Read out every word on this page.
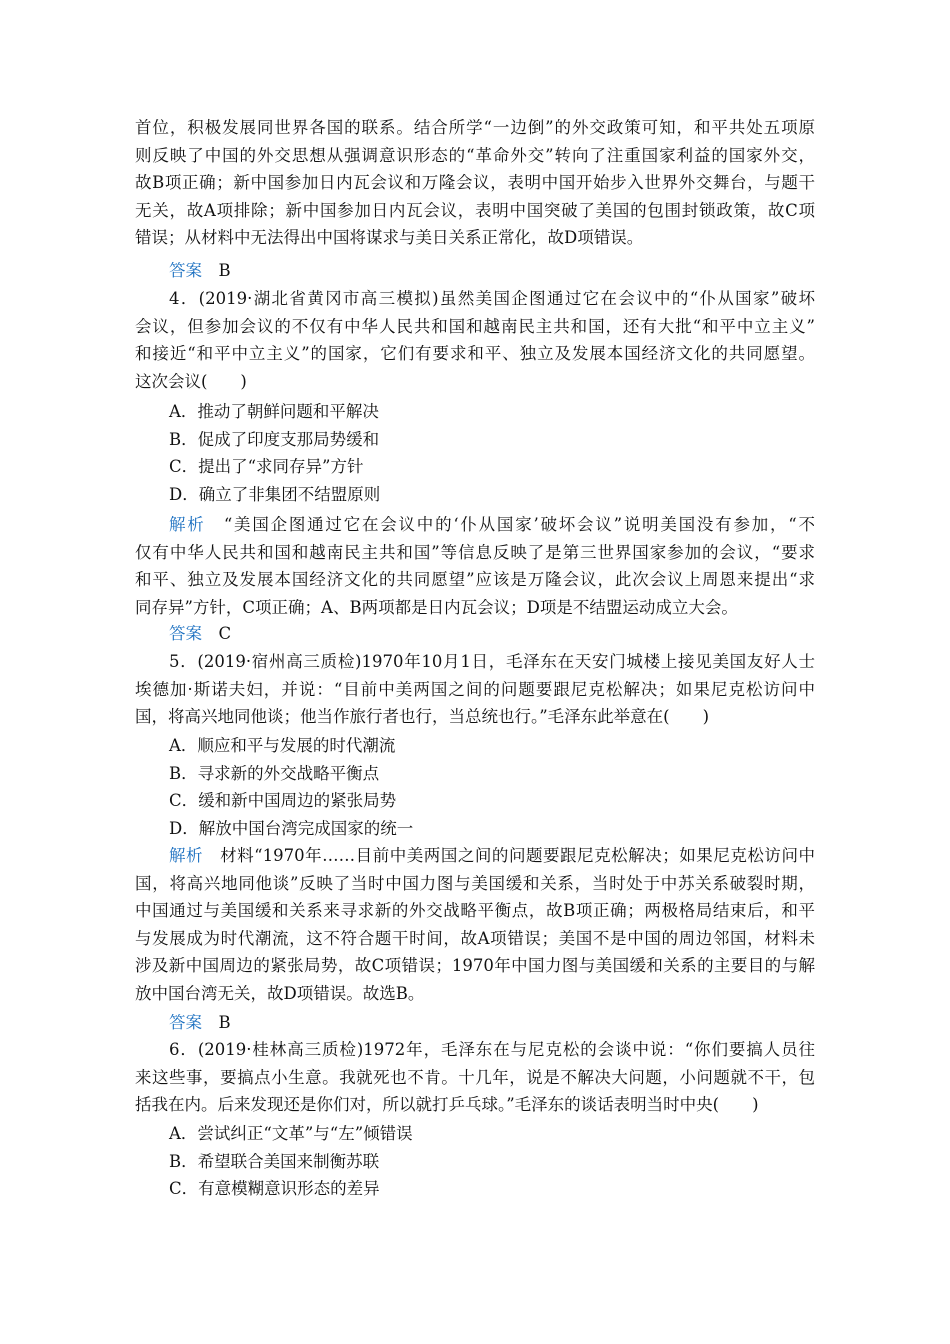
首位，积极发展同世界各国的联系。结合所学“一边倒”的外交政策可知，和平共处五项原
则反映了中国的外交思想从强调意识形态的“革命外交”转向了注重国家利益的国家外交，
故B项正确；新中国参加日内瓦会议和万隆会议，表明中国开始步入世界外交舞台，与题干
无关，故A项排除；新中国参加日内瓦会议，表明中国突破了美国的包围封锁政策，故C项
错误；从材料中无法得出中国将谋求与美日关系正常化，故D项错误。
答案　 B
4．(2019·湖北省黄冈市高三模拟)虽然美国企图通过它在会议中的“仆从国家”破坏
会议，但参加会议的不仅有中华人民共和国和越南民主共和国，还有大批“和平中立主义”
和接近“和平中立主义”的国家，它们有要求和平、独立及发展本国经济文化的共同愿望。
这次会议(　　)
A．推动了朝鲜问题和平解决
B．促成了印度支那局势缓和
C．提出了“求同存异”方针
D．确立了非集团不结盟原则
解析　“美国企图通过它在会议中的‘仆从国家’破坏会议”说明美国没有参加，“不
仅有中华人民共和国和越南民主共和国”等信息反映了是第三世界国家参加的会议，“要求
和平、独立及发展本国经济文化的共同愿望”应该是万隆会议，此次会议上周恩来提出“求
同存异”方针，C项正确；A、B两项都是日内瓦会议；D项是不结盟运动成立大会。
答案　 C
5．(2019·宿州高三质检)1970年10月1日，毛泽东在天安门城楼上接见美国友好人士
埃德加·斯诺夫妇，并说：“目前中美两国之间的问题要跟尼克松解决；如果尼克松访问中
国，将高兴地同他谈；他当作旅行者也行，当总统也行。”毛泽东此举意在(　　)
A．顺应和平与发展的时代潮流
B．寻求新的外交战略平衡点
C．缓和新中国周边的紧张局势
D．解放中国台湾完成国家的统一
解析　材料“1970年……目前中美两国之间的问题要跟尼克松解决；如果尼克松访问中
国，将高兴地同他谈”反映了当时中国力图与美国缓和关系，当时处于中苏关系破裂时期，
中国通过与美国缓和关系来寻求新的外交战略平衡点，故B项正确；两极格局结束后，和平
与发展成为时代潮流，这不符合题干时间，故A项错误；美国不是中国的周边邻国，材料未
涉及新中国周边的紧张局势，故C项错误；1970年中国力图与美国缓和关系的主要目的与解
放中国台湾无关，故D项错误。故选B。
答案　 B
6．(2019·桂林高三质检)1972年，毛泽东在与尼克松的会谈中说：“你们要搞人员往
来这些事，要搞点小生意。我就死也不肯。十几年，说是不解决大问题，小问题就不干，包
括我在内。后来发现还是你们对，所以就打乒乓球。”毛泽东的谈话表明当时中央(　　)
A．尝试纠正“文革”与“左”倾错误
B．希望联合美国来制衡苏联
C．有意模糊意识形态的差异
